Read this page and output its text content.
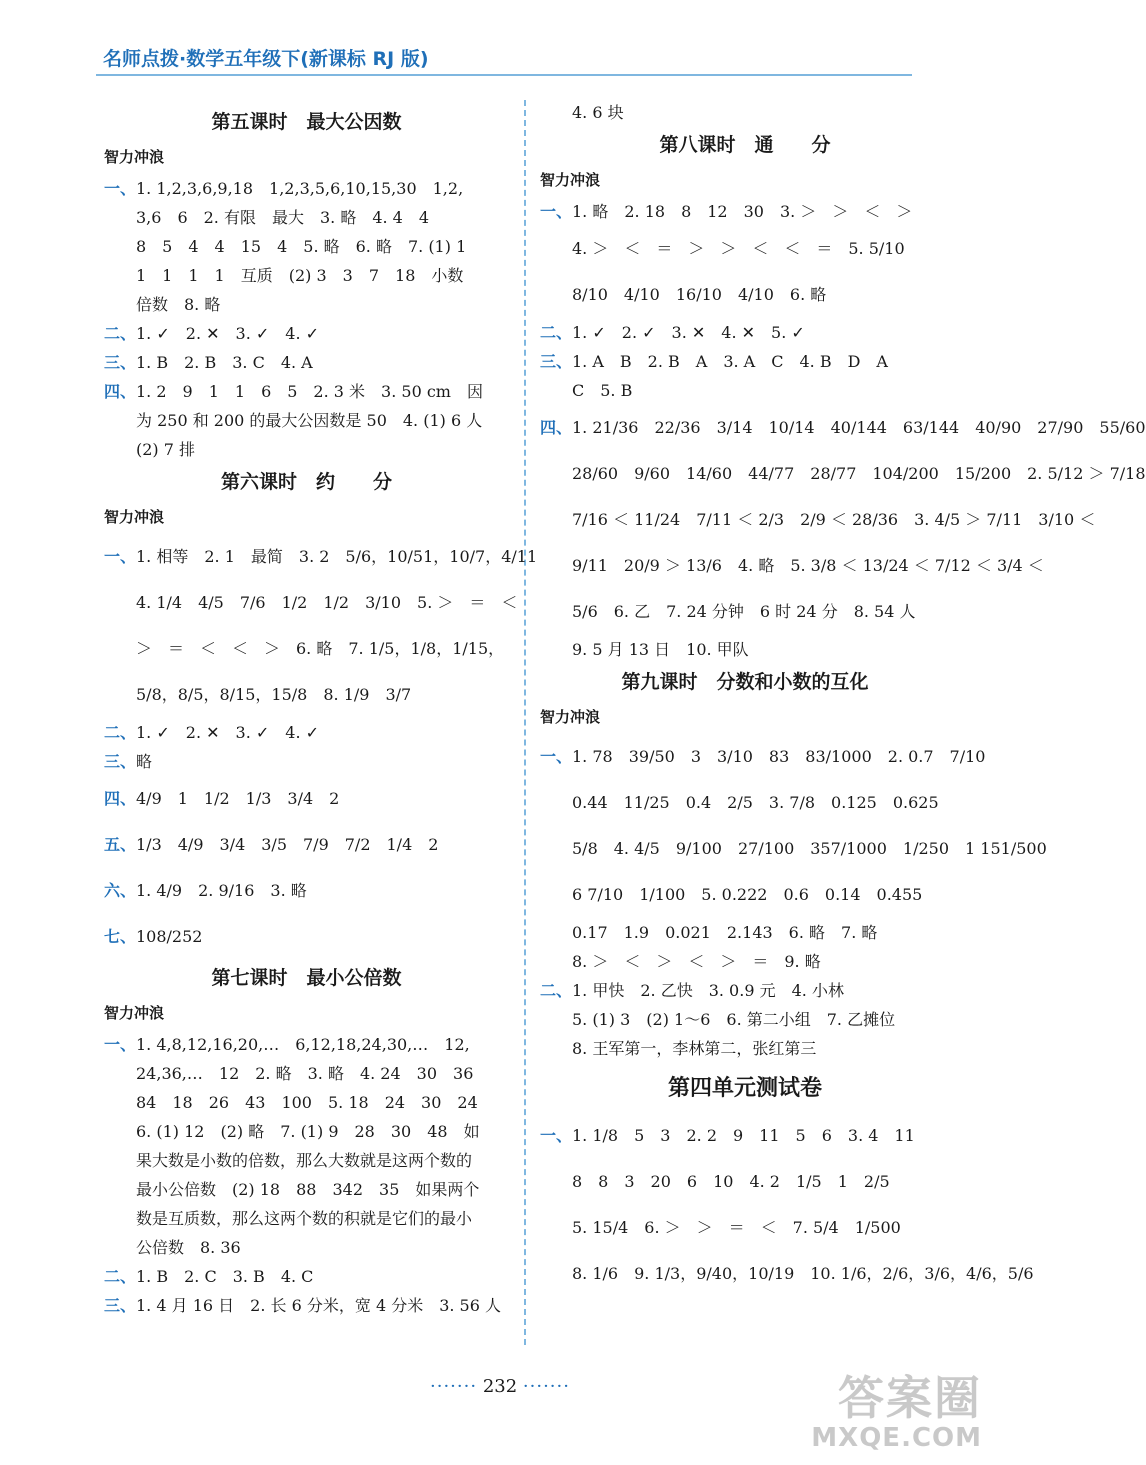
名师点拨·数学五年级下(新课标 RJ 版)
第五课时　最大公因数
智力冲浪
一、1. 1,2,3,6,9,18　1,2,3,5,6,10,15,30　1,2,
3,6　6　2. 有限　最大　3. 略　4. 4　4
8　5　4　4　15　4　5. 略　6. 略　7. (1) 1
1　1　1　1　互质　(2) 3　3　7　18　小数
倍数　8. 略
二、1. ✓　2. ✕　3. ✓　4. ✓
三、1. B　2. B　3. C　4. A
四、1. 2　9　1　1　6　5　2. 3 米　3. 50 cm　因
为 250 和 200 的最大公因数是 50　4. (1) 6 人
(2) 7 排
第六课时　约　　分
智力冲浪
一、1. 相等　2. 1　最简　3. 2　5/6，10/51，10/7，4/11
4. 1/4　4/5　7/6　1/2　1/2　3/10　5. ＞　＝　＜
＞　＝　＜　＜　＞　6. 略　7. 1/5，1/8，1/15，
5/8，8/5，8/15，15/8　8. 1/9　3/7
二、1. ✓　2. ✕　3. ✓　4. ✓
三、略
四、4/9　1　1/2　1/3　3/4　2
五、1/3　4/9　3/4　3/5　7/9　7/2　1/4　2
六、1. 4/9　2. 9/16　3. 略
七、108/252
第七课时　最小公倍数
智力冲浪
一、1. 4,8,12,16,20,…　6,12,18,24,30,…　12,
24,36,…　12　2. 略　3. 略　4. 24　30　36
84　18　26　43　100　5. 18　24　30　24
6. (1) 12　(2) 略　7. (1) 9　28　30　48　如
果大数是小数的倍数，那么大数就是这两个数的
最小公倍数　(2) 18　88　342　35　如果两个
数是互质数，那么这两个数的积就是它们的最小
公倍数　8. 36
二、1. B　2. C　3. B　4. C
三、1. 4 月 16 日　2. 长 6 分米，宽 4 分米　3. 56 人
4. 6 块
第八课时　通　　分
智力冲浪
一、1. 略　2. 18　8　12　30　3. ＞　＞　＜　＞
4. ＞　＜　＝　＞　＞　＜　＜　＝　5. 5/10
8/10　4/10　16/10　4/10　6. 略
二、1. ✓　2. ✓　3. ✕　4. ✕　5. ✓
三、1. A　B　2. B　A　3. A　C　4. B　D　A
C　5. B
四、1. 21/36　22/36　3/14　10/14　40/144　63/144　40/90　27/90　55/60
28/60　9/60　14/60　44/77　28/77　104/200　15/200　2. 5/12 ＞ 7/18
7/16 ＜ 11/24　7/11 ＜ 2/3　2/9 ＜ 28/36　3. 4/5 ＞ 7/11　3/10 ＜
9/11　20/9 ＞ 13/6　4. 略　5. 3/8 ＜ 13/24 ＜ 7/12 ＜ 3/4 ＜
5/6　6. 乙　7. 24 分钟　6 时 24 分　8. 54 人
9. 5 月 13 日　10. 甲队
第九课时　分数和小数的互化
智力冲浪
一、1. 78　39/50　3　3/10　83　83/1000　2. 0.7　7/10
0.44　11/25　0.4　2/5　3. 7/8　0.125　0.625
5/8　4. 4/5　9/100　27/100　357/1000　1/250　1 151/500
6 7/10　1/100　5. 0.222　0.6　0.14　0.455
0.17　1.9　0.021　2.143　6. 略　7. 略
8. ＞　＜　＞　＜　＞　＝　9. 略
二、1. 甲快　2. 乙快　3. 0.9 元　4. 小林
5. (1) 3　(2) 1～6　6. 第二小组　7. 乙摊位
8. 王军第一，李林第二，张红第三
第四单元测试卷
一、1. 1/8　5　3　2. 2　9　11　5　6　3. 4　11
8　8　3　20　6　10　4. 2　1/5　1　2/5
5. 15/4　6. ＞　＞　＝　＜　7. 5/4　1/500
8. 1/6　9. 1/3，9/40，10/19　10. 1/6，2/6，3/6，4/6，5/6
······· 232 ·······	答案圈
MXQE.COM
